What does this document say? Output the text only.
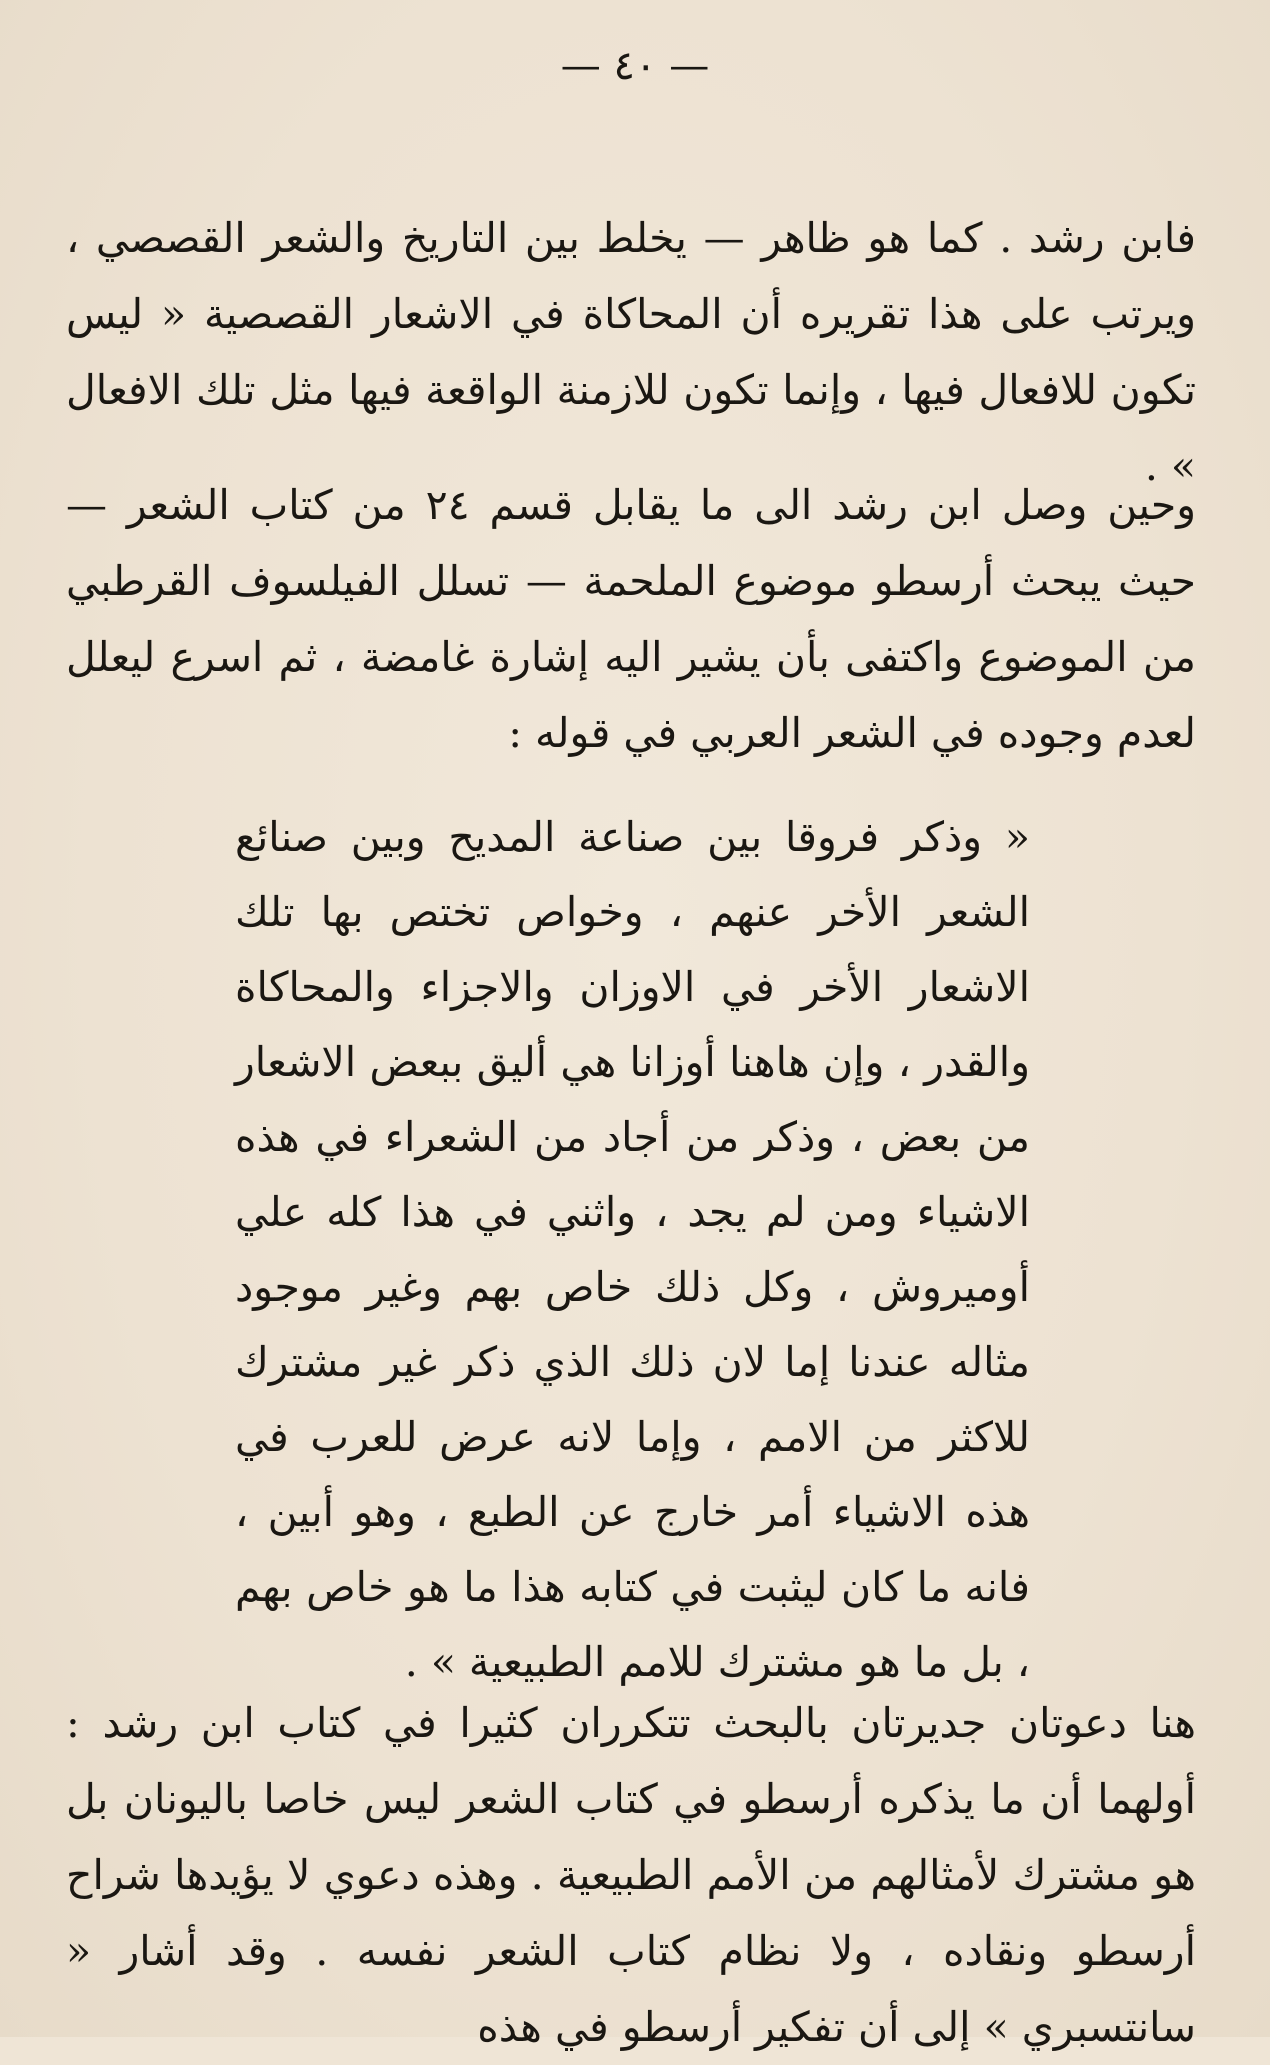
— ٤٠ —

فابن رشد . كما هو ظاهر — يخلط بين التاريخ والشعر القصصي ، ويرتب على هذا تقريره أن المحاكاة في الاشعار القصصية « ليس تكون للافعال فيها ، وإنما تكون للازمنة الواقعة فيها مثل تلك الافعال » .

وحين وصل ابن رشد الى ما يقابل قسم ٢٤ من كتاب الشعر — حيث يبحث أرسطو موضوع الملحمة — تسلل الفيلسوف القرطبي من الموضوع واكتفى بأن يشير اليه إشارة غامضة ، ثم اسرع ليعلل لعدم وجوده في الشعر العربي في قوله :

« وذكر فروقا بين صناعة المديح وبين صنائع الشعر الأخر عنهم ، وخواص تختص بها تلك الاشعار الأخر في الاوزان والاجزاء والمحاكاة والقدر ، وإن هاهنا أوزانا هي أليق ببعض الاشعار من بعض ، وذكر من أجاد من الشعراء في هذه الاشياء ومن لم يجد ، واثني في هذا كله علي أوميروش ، وكل ذلك خاص بهم وغير موجود مثاله عندنا إما لان ذلك الذي ذكر غير مشترك للاكثر من الامم ، وإما لانه عرض للعرب في هذه الاشياء أمر خارج عن الطبع ، وهو أبين ، فانه ما كان ليثبت في كتابه هذا ما هو خاص بهم ، بل ما هو مشترك للامم الطبيعية » .

هنا دعوتان جديرتان بالبحث تتكرران كثيرا في كتاب ابن رشد : أولهما أن ما يذكره أرسطو في كتاب الشعر ليس خاصا باليونان بل هو مشترك لأمثالهم من الأمم الطبيعية . وهذه دعوي لا يؤيدها شراح أرسطو ونقاده ، ولا نظام كتاب الشعر نفسه . وقد أشار « سانتسبري » إلى أن تفكير أرسطو في هذه
